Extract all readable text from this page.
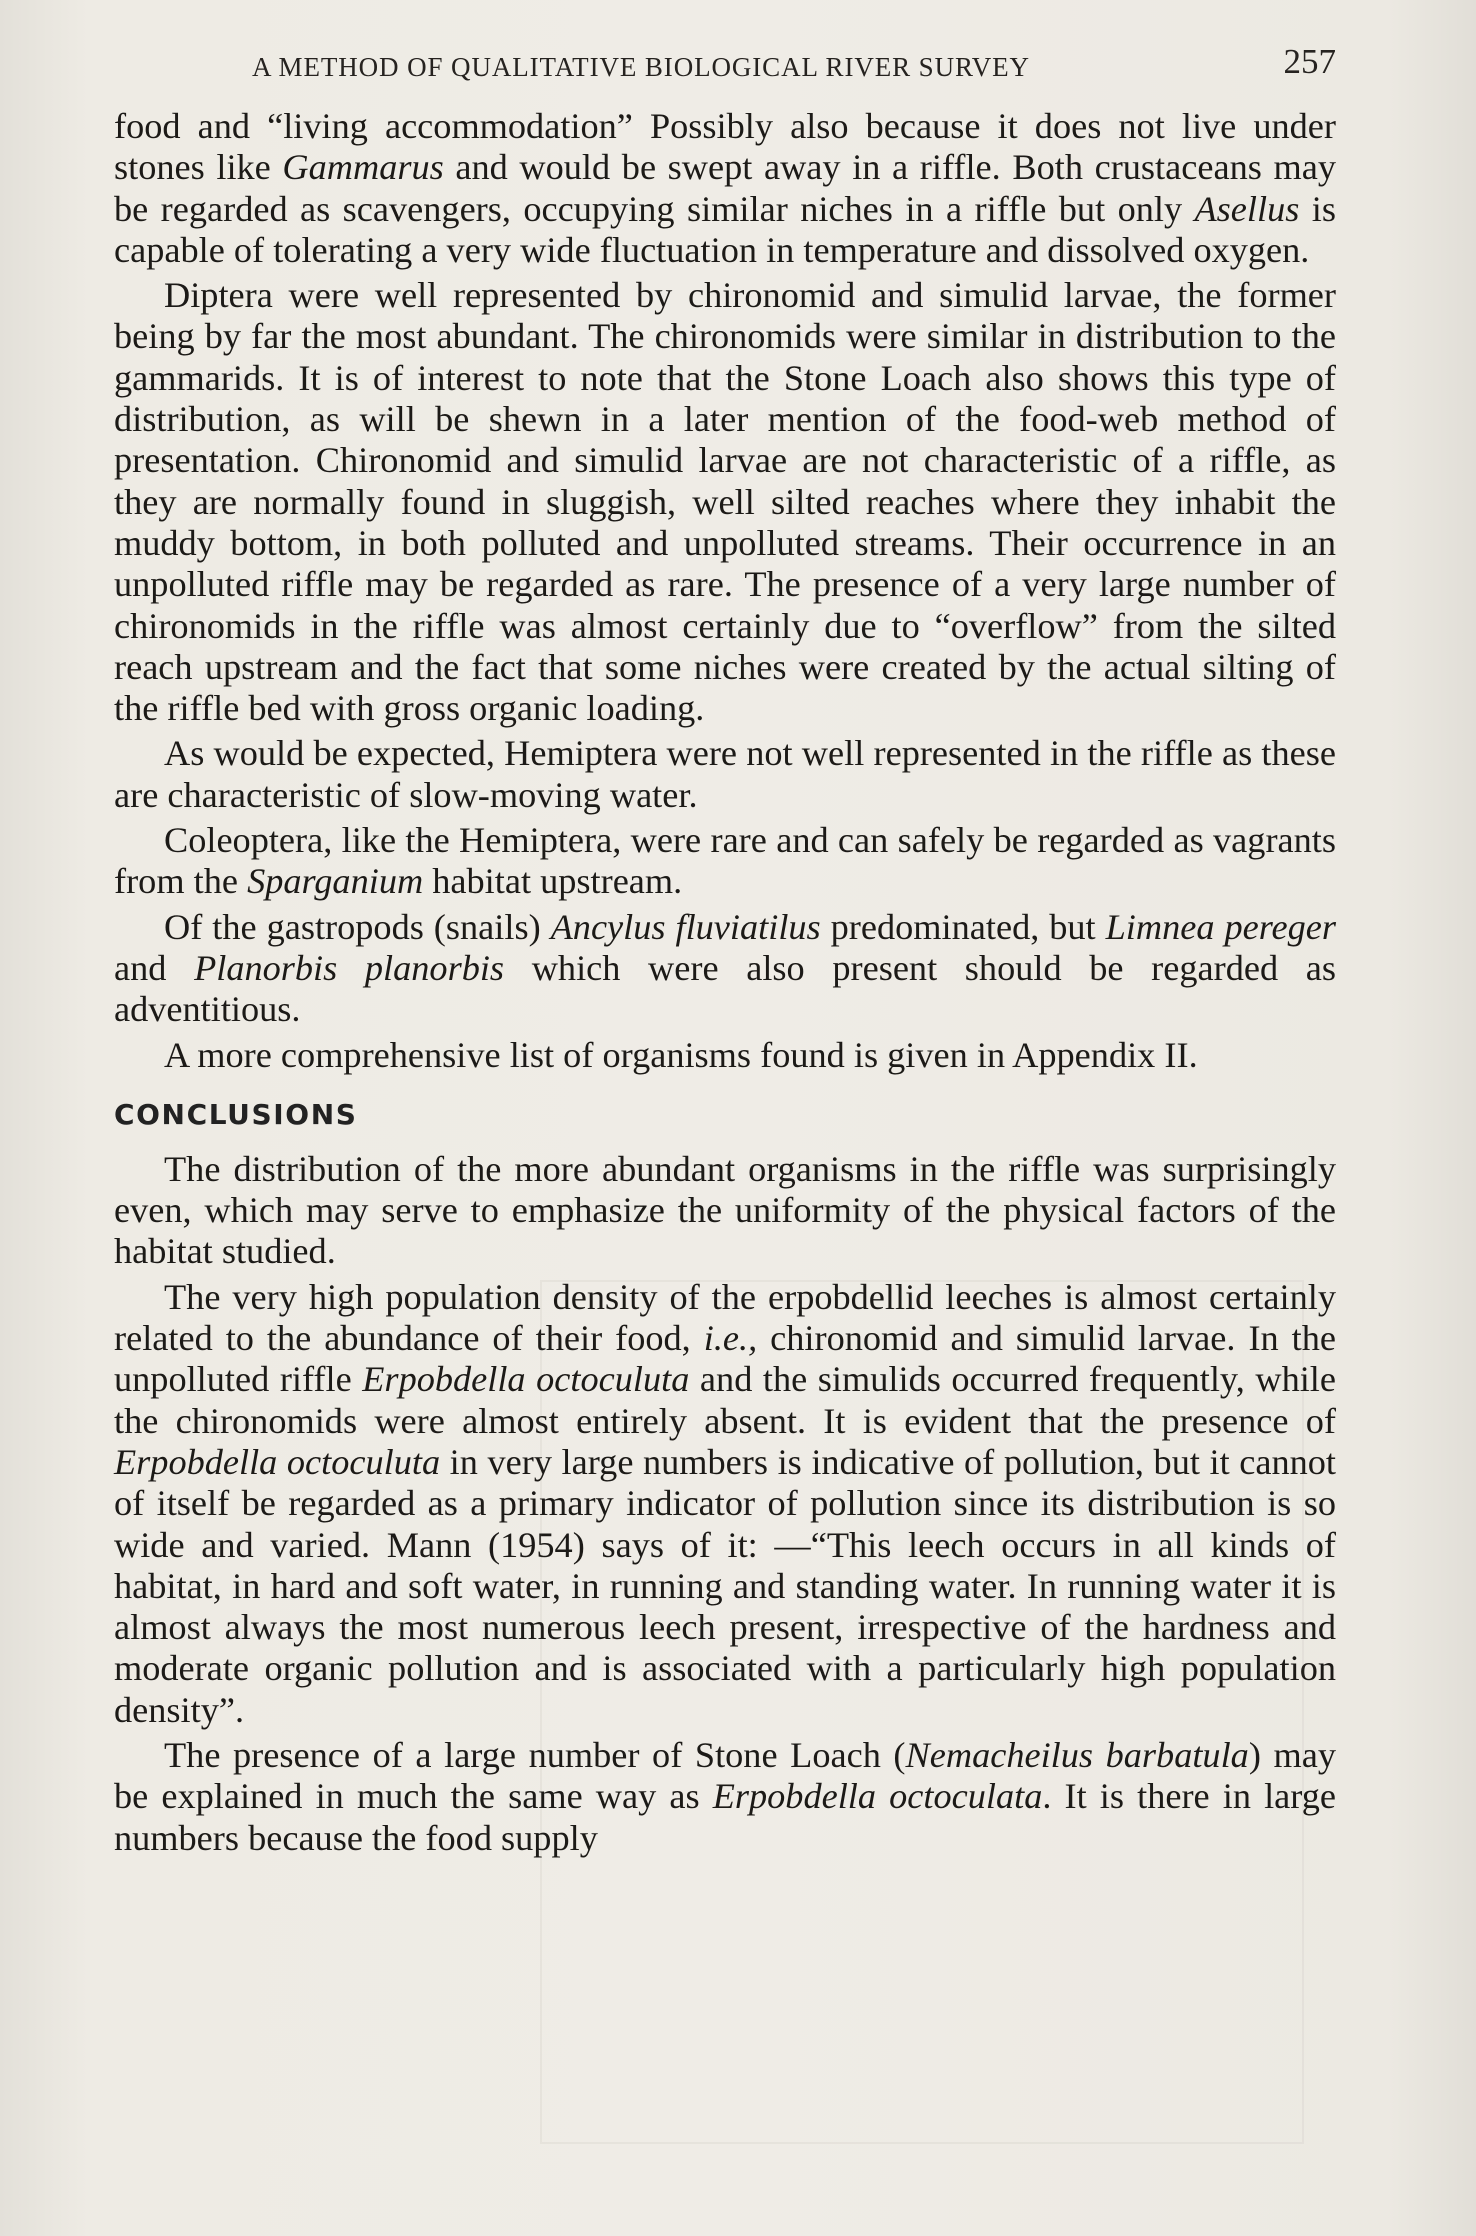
A METHOD OF QUALITATIVE BIOLOGICAL RIVER SURVEY	257

food and “living accommodation” Possibly also because it does not live under stones like Gammarus and would be swept away in a riffle. Both crustaceans may be regarded as scavengers, occupying similar niches in a riffle but only Asellus is capable of tolerating a very wide fluctuation in temperature and dissolved oxygen.

Diptera were well represented by chironomid and simulid larvae, the former being by far the most abundant. The chironomids were similar in distribution to the gammarids. It is of interest to note that the Stone Loach also shows this type of distribution, as will be shewn in a later mention of the food-web method of presentation. Chironomid and simulid larvae are not characteristic of a riffle, as they are normally found in sluggish, well silted reaches where they inhabit the muddy bottom, in both polluted and unpolluted streams. Their occurrence in an unpolluted riffle may be regarded as rare. The presence of a very large number of chironomids in the riffle was almost certainly due to “overflow” from the silted reach upstream and the fact that some niches were created by the actual silting of the riffle bed with gross organic loading.

As would be expected, Hemiptera were not well represented in the riffle as these are characteristic of slow-moving water.

Coleoptera, like the Hemiptera, were rare and can safely be regarded as vagrants from the Sparganium habitat upstream.

Of the gastropods (snails) Ancylus fluviatilus predominated, but Limnea pereger and Planorbis planorbis which were also present should be regarded as adventitious.

A more comprehensive list of organisms found is given in Appendix II.

CONCLUSIONS

The distribution of the more abundant organisms in the riffle was surprisingly even, which may serve to emphasize the uniformity of the physical factors of the habitat studied.

The very high population density of the erpobdellid leeches is almost certainly related to the abundance of their food, i.e., chironomid and simulid larvae. In the unpolluted riffle Erpobdella octoculuta and the simulids occurred frequently, while the chironomids were almost entirely absent. It is evident that the presence of Erpobdella octoculuta in very large numbers is indicative of pollution, but it cannot of itself be regarded as a primary indicator of pollution since its distribution is so wide and varied. Mann (1954) says of it: —“This leech occurs in all kinds of habitat, in hard and soft water, in running and standing water. In running water it is almost always the most numerous leech present, irrespective of the hardness and moderate organic pollution and is associated with a particularly high population density”.

The presence of a large number of Stone Loach (Nemacheilus barbatula) may be explained in much the same way as Erpobdella octoculata. It is there in large numbers because the food supply
